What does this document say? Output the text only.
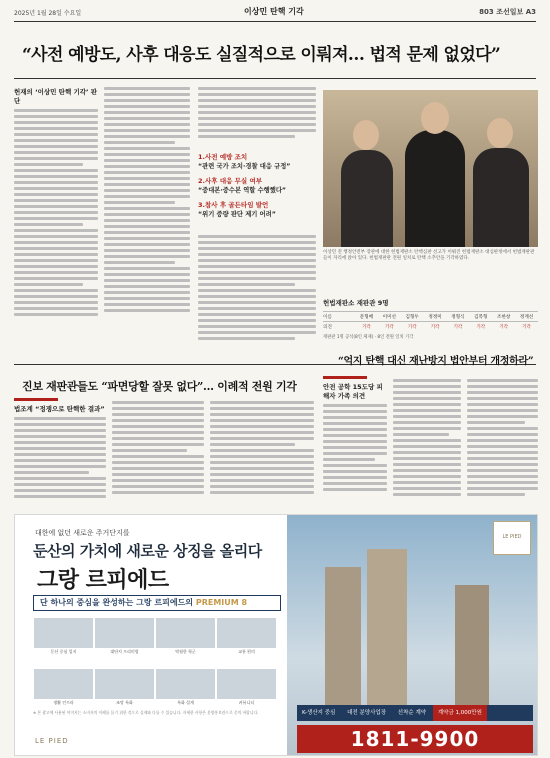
2025년 1월 28일 수요일	이상민 탄핵 기각	803 조선일보 A3
“사전 예방도, 사후 대응도 실질적으로 이뤄져… 법적 문제 없었다”
헌재의 ‘이상민 탄핵 기각’ 판단
1.사전 예방 조치
“관련 국가 조치·경찰 대응 규정”
2.사후 대응 무실 여부
“중대본·중수본 역할 수행했다”
3.참사 후 골든타임 발언
“위기 증량 판단 제기 어려”
이상민 전 행정안전부 장관에 대한 헌법재판소 탄핵심판 선고가 이뤄진 헌법재판소 대심판정에서 헌법재판관들이 자리에 앉아 있다. 헌법재판관 전원 일치로 탄핵 소추안을 기각하였다.
헌법재판소 재판관 9명
이름	문형배	이미선	김형두	정정미	정형식	김복형	조한창	정계선
의견	기각	기각	기각	기각	기각	기각	기각	기각
재판관 1명 공석(8인 체제) · 8인 전원 일치 기각
진보 재판관들도 “파면당할 잘못 없다”… 이례적 전원 기각
법조계 “정쟁으로 탄핵한 결과”
“억지 탄핵 대신 재난방지 법안부터 개정하라”
안전 공학 15도당 피해자 가족 의견
대한에 없던 새로운 주거단지를
둔산의 가치에 새로운 상징을 올리다
그랑 르피에드
단 하나의 중심을 완성하는 그랑 르피에드의 PREMIUM 8
둔산 중심 입지	대단지 프리미엄	탁월한 학군	교통 편의  생활 인프라	조망 특화	특화 설계	커뮤니티
※ 본 광고에 사용된 이미지는 소비자의 이해를 돕기 위한 것으로 실제와 다를 수 있습니다. 자세한 사항은 분양홍보관으로 문의 바랍니다.
LE PIED
LE PIED
K-생산지 중심 대전 분양사업장 선착순 계약 계약금 1,000만원
1811-9900
